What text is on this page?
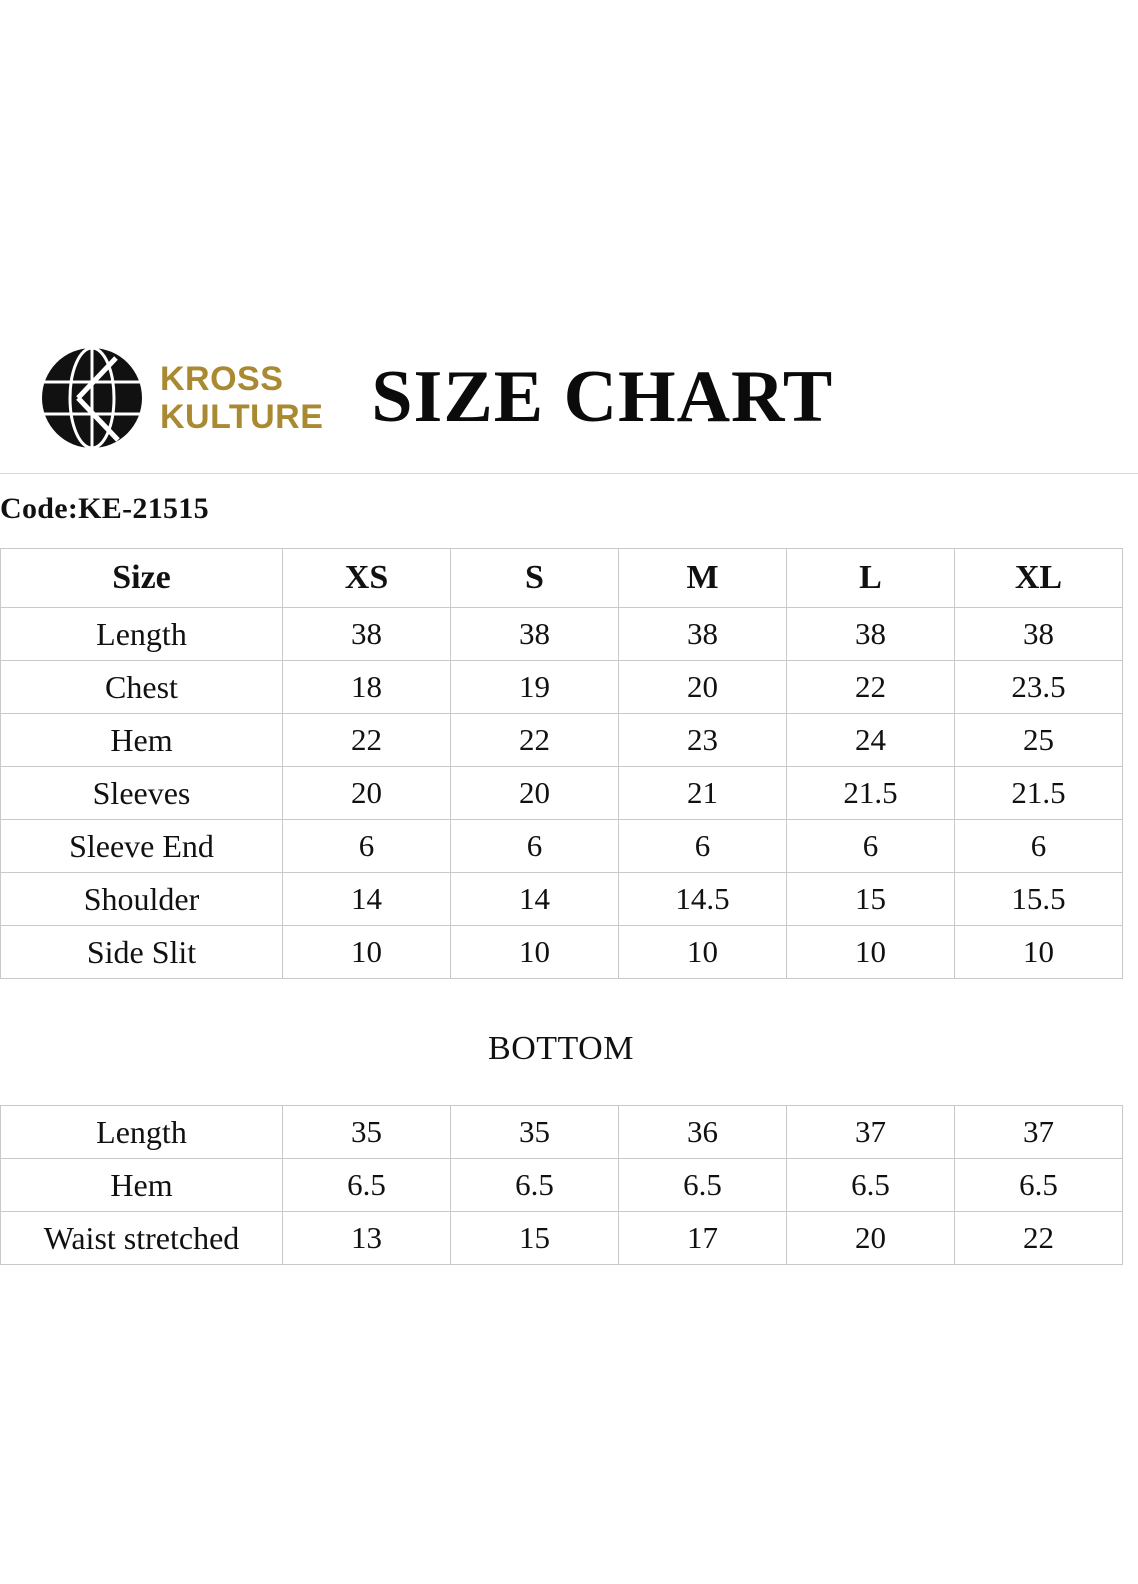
KROSS
KULTURE SIZE CHART
Code:KE-21515
Size	XS	S	M	L	XL
Length	38	38	38	38	38
Chest	18	19	20	22	23.5
Hem	22	22	23	24	25
Sleeves	20	20	21	21.5	21.5
Sleeve End	6	6	6	6	6
Shoulder	14	14	14.5	15	15.5
Side Slit	10	10	10	10	10
BOTTOM
Length	35	35	36	37	37
Hem	6.5	6.5	6.5	6.5	6.5
Waist stretched	13	15	17	20	22
